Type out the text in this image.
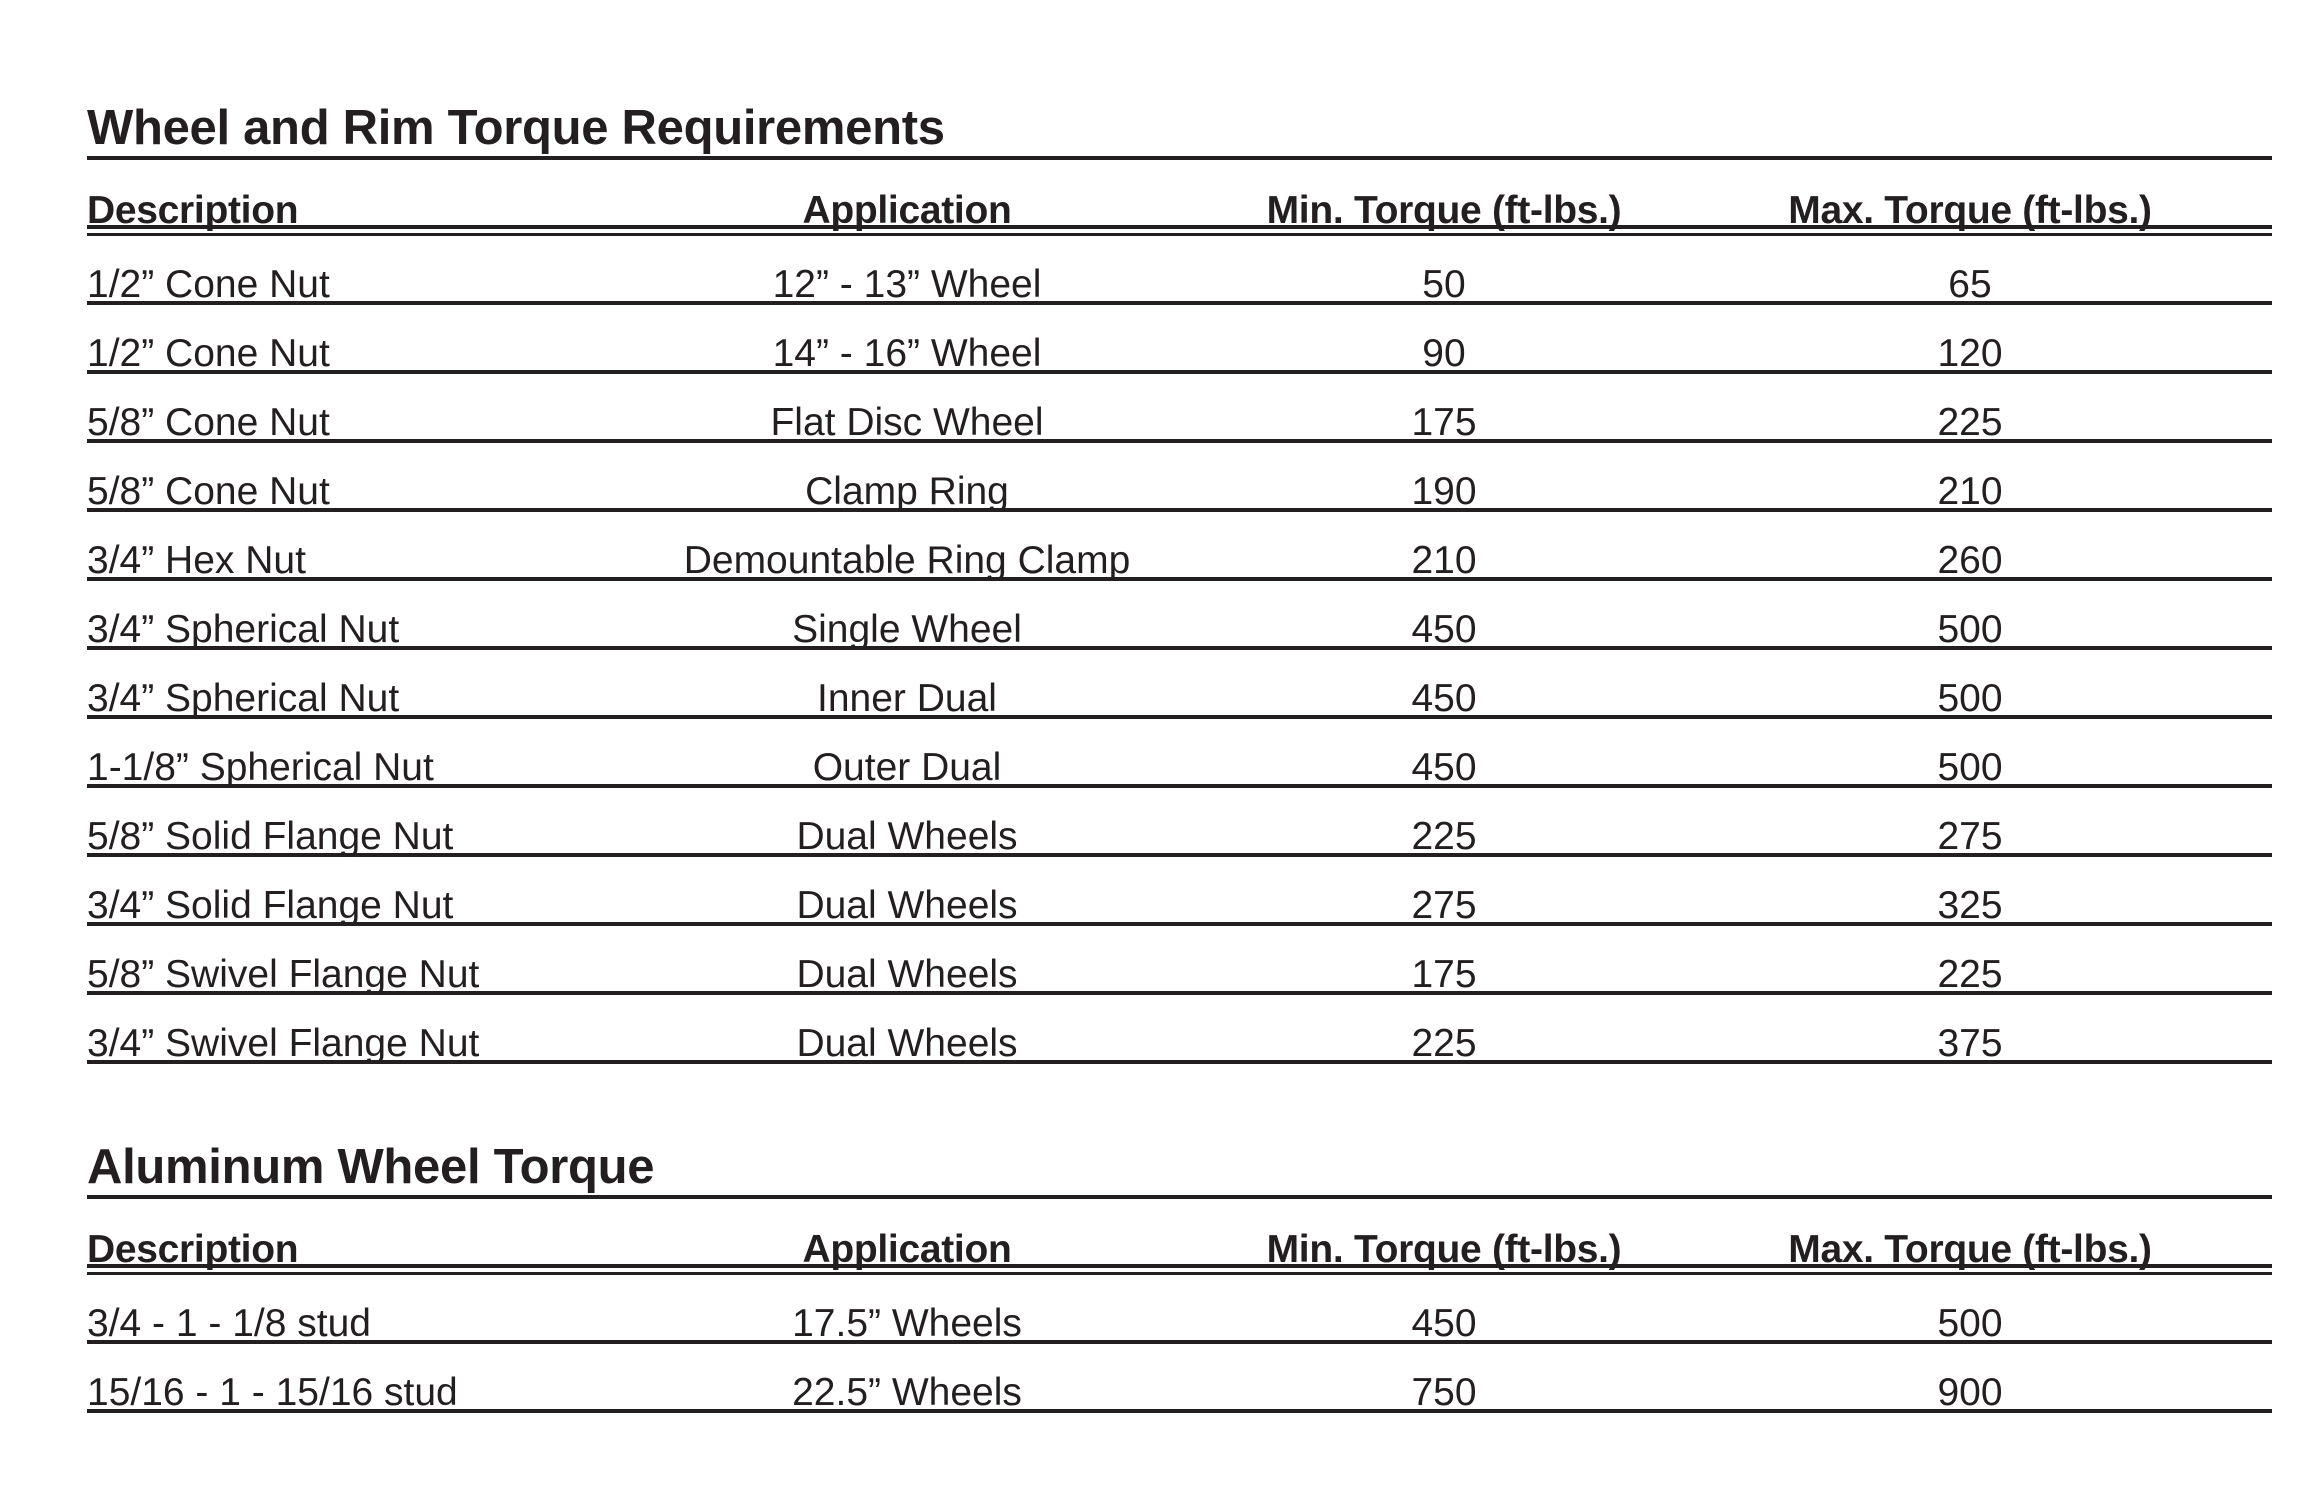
Wheel and Rim Torque Requirements
Description	Application	Min. Torque (ft-lbs.)	Max. Torque (ft-lbs.)
1/2” Cone Nut	12” - 13” Wheel	50	65
1/2” Cone Nut	14” - 16” Wheel	90	120
5/8” Cone Nut	Flat Disc Wheel	175	225
5/8” Cone Nut	Clamp Ring	190	210
3/4” Hex Nut	Demountable Ring Clamp	210	260
3/4” Spherical Nut	Single Wheel	450	500
3/4” Spherical Nut	Inner Dual	450	500
1-1/8” Spherical Nut	Outer Dual	450	500
5/8” Solid Flange Nut	Dual Wheels	225	275
3/4” Solid Flange Nut	Dual Wheels	275	325
5/8” Swivel Flange Nut	Dual Wheels	175	225
3/4” Swivel Flange Nut	Dual Wheels	225	375
Aluminum Wheel Torque
Description	Application	Min. Torque (ft-lbs.)	Max. Torque (ft-lbs.)
3/4 - 1 - 1/8 stud	17.5” Wheels	450	500
15/16 - 1 - 15/16 stud	22.5” Wheels	750	900
